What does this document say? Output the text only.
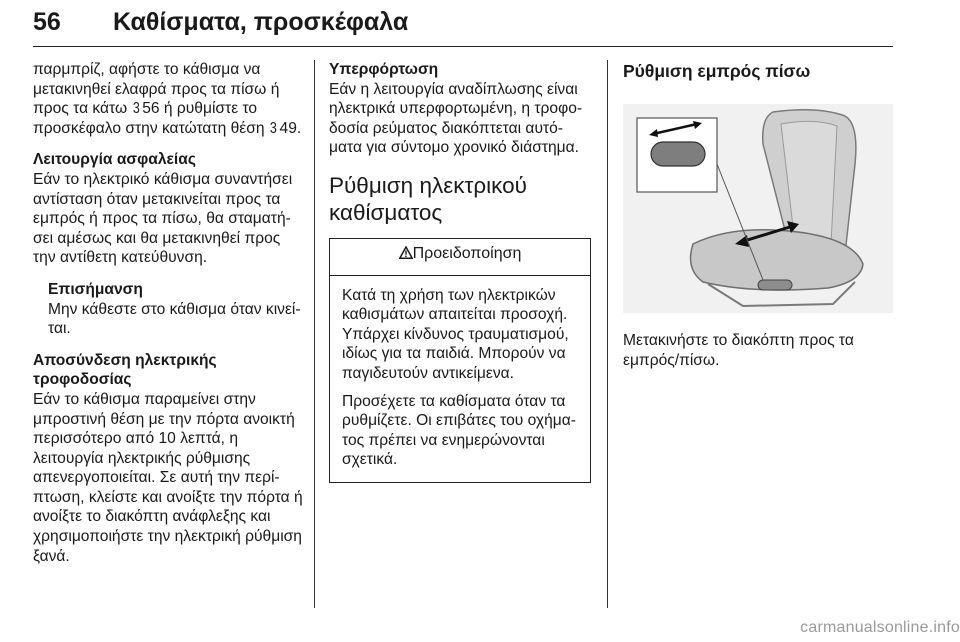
56 Καθίσματα, προσκέφαλα

παρμπρίζ, αφήστε το κάθισμα να μετακινηθεί ελαφρά προς τα πίσω ή προς τα κάτω 3 56 ή ρυθμίστε το προσκέφαλο στην κατώτατη θέση 3 49.

Λειτουργία ασφαλείας

Εάν το ηλεκτρικό κάθισμα συναντήσει αντίσταση όταν μετακινείται προς τα εμπρός ή προς τα πίσω, θα σταματή-σει αμέσως και θα μετακινηθεί προς την αντίθετη κατεύθυνση.

Επισήμανση

Μην κάθεστε στο κάθισμα όταν κινεί-ται.

Αποσύνδεση ηλεκτρικής τροφοδοσίας

Εάν το κάθισμα παραμείνει στην μπροστινή θέση με την πόρτα ανοικτή περισσότερο από 10 λεπτά, η λειτουργία ηλεκτρικής ρύθμισης απενεργοποιείται. Σε αυτή την περί-πτωση, κλείστε και ανοίξτε την πόρτα ή ανοίξτε το διακόπτη ανάφλεξης και χρησιμοποιήστε την ηλεκτρική ρύθμιση ξανά.

Υπερφόρτωση

Εάν η λειτουργία αναδίπλωσης είναι ηλεκτρικά υπερφορτωμένη, η τροφο-δοσία ρεύματος διακόπτεται αυτό-ματα για σύντομο χρονικό διάστημα.

Ρύθμιση ηλεκτρικού καθίσματος

Προειδοποίηση

Κατά τη χρήση των ηλεκτρικών καθισμάτων απαιτείται προσοχή. Υπάρχει κίνδυνος τραυματισμού, ιδίως για τα παιδιά. Μπορούν να παγιδευτούν αντικείμενα.

Προσέχετε τα καθίσματα όταν τα ρυθμίζετε. Οι επιβάτες του οχήμα-τος πρέπει να ενημερώνονται σχετικά.

Ρύθμιση εμπρός πίσω

Μετακινήστε το διακόπτη προς τα εμπρός/πίσω.

carmanualsonline.info
